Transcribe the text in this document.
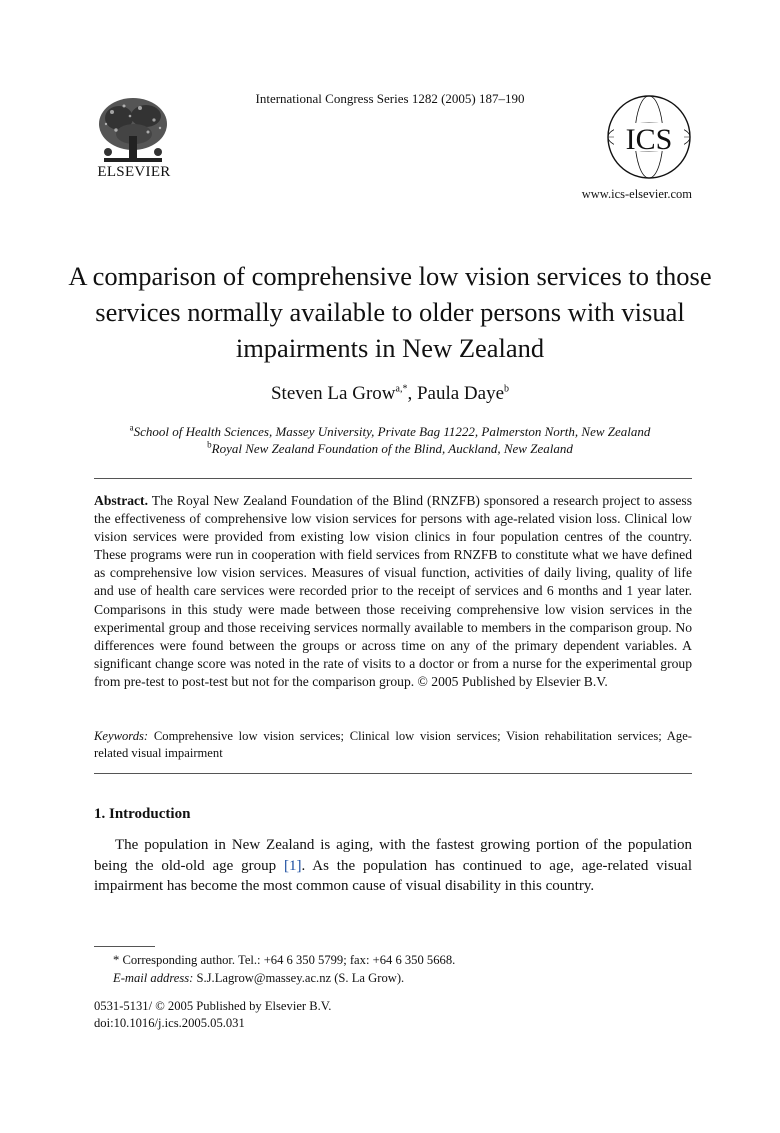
International Congress Series 1282 (2005) 187–190
ELSEVIER
ICS
www.ics-elsevier.com
A comparison of comprehensive low vision services to those services normally available to older persons with visual impairments in New Zealand
Steven La Grow$^{a,*}$, Paula Daye$^b$
$^a$School of Health Sciences, Massey University, Private Bag 11222, Palmerston North, New Zealand
$^b$Royal New Zealand Foundation of the Blind, Auckland, New Zealand
Abstract. The Royal New Zealand Foundation of the Blind (RNZFB) sponsored a research project to assess the effectiveness of comprehensive low vision services for persons with age-related vision loss. Clinical low vision services were provided from existing low vision clinics in four population centres of the country. These programs were run in cooperation with field services from RNZFB to constitute what we have defined as comprehensive low vision services. Measures of visual function, activities of daily living, quality of life and use of health care services were recorded prior to the receipt of services and 6 months and 1 year later. Comparisons in this study were made between those receiving comprehensive low vision services in the experimental group and those receiving services normally available to members in the comparison group. No differences were found between the groups or across time on any of the primary dependent variables. A significant change score was noted in the rate of visits to a doctor or from a nurse for the experimental group from pre-test to post-test but not for the comparison group. © 2005 Published by Elsevier B.V.
Keywords: Comprehensive low vision services; Clinical low vision services; Vision rehabilitation services; Age-related visual impairment
1. Introduction
The population in New Zealand is aging, with the fastest growing portion of the population being the old-old age group [1]. As the population has continued to age, age-related visual impairment has become the most common cause of visual disability in this country.
* Corresponding author. Tel.: +64 6 350 5799; fax: +64 6 350 5668.
E-mail address: S.J.Lagrow@massey.ac.nz (S. La Grow).
0531-5131/ © 2005 Published by Elsevier B.V.
doi:10.1016/j.ics.2005.05.031
